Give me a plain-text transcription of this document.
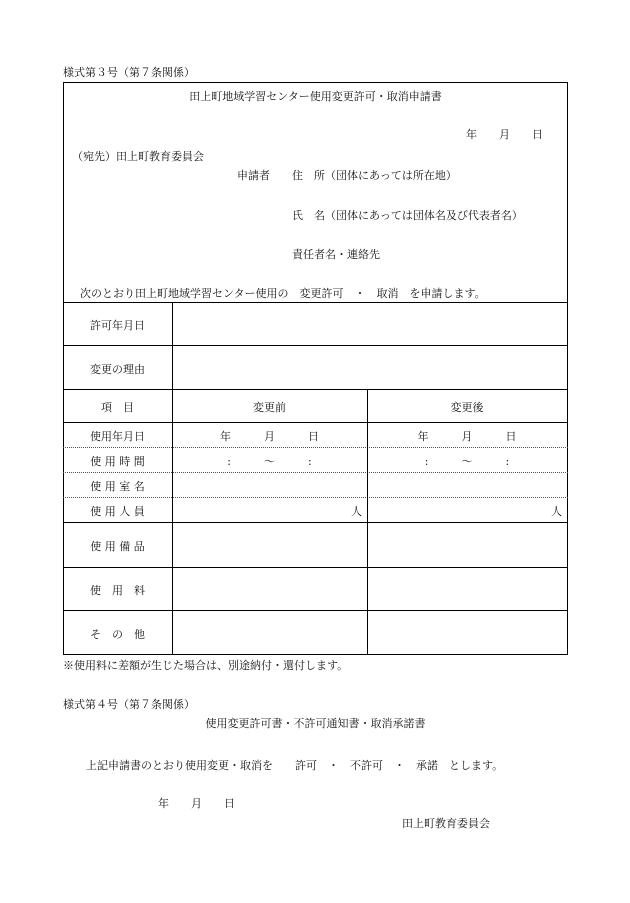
様式第３号（第７条関係）
田上町地域学習センター使用変更許可・取消申請書
年　　月　　日
（宛先）田上町教育委員会
申請者 住　所（団体にあっては所在地）
氏　名（団体にあっては団体名及び代表者名）
責任者名・連絡先
次のとおり田上町地域学習センター使用の　変更許可　・　取消　を申請します。
許可年月日
変更の理由
項　目	変更前	変更後
使用年月日	年　　　月　　　日	年　　　月　　　日
使 用 時 間	:　　　～　　　:	:　　　～　　　:
使 用 室 名
使 用 人 員	人	人
使 用 備 品
使　用　料
そ　の　他
※使用料に差額が生じた場合は、別途納付・還付します。
様式第４号（第７条関係）
使用変更許可書・不許可通知書・取消承諾書
上記申請書のとおり使用変更・取消を　　許可　・　不許可　・　承諾　とします。
年　　月　　日
田上町教育委員会
